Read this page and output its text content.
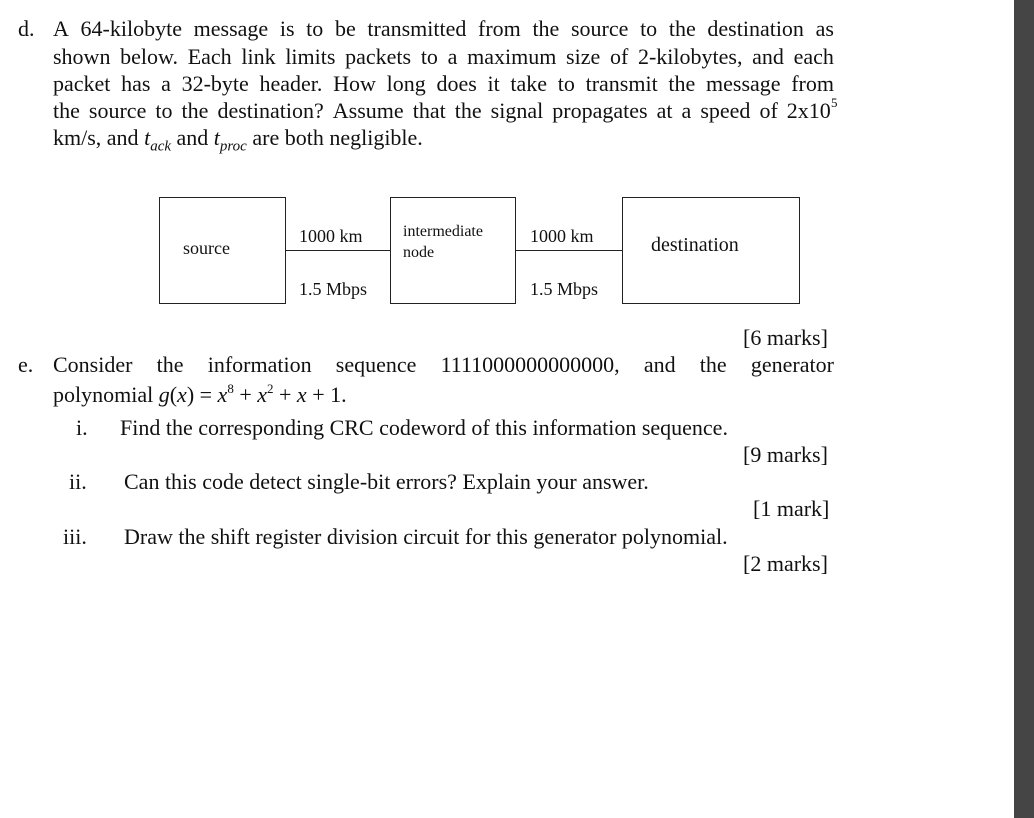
d. A 64-kilobyte message is to be transmitted from the source to the destination as
shown below. Each link limits packets to a maximum size of 2-kilobytes, and each
packet has a 32-byte header. How long does it take to transmit the message from
the source to the destination? Assume that the signal propagates at a speed of 2x10 $^5$
km/s, and $t_{ack}$ and $t_{proc}$ are both negligible.
source
1000 km
1.5 Mbps
intermediate
node
1000 km
1.5 Mbps
destination
[6 marks]
e. Consider the information sequence 1111000000000000, and the generator
polynomial $g(x) = x^8 + x^2 + x + 1$.
i. Find the corresponding CRC codeword of this information sequence.
[9 marks]
ii. Can this code detect single-bit errors? Explain your answer.
[1 mark]
iii. Draw the shift register division circuit for this generator polynomial.
[2 marks]
